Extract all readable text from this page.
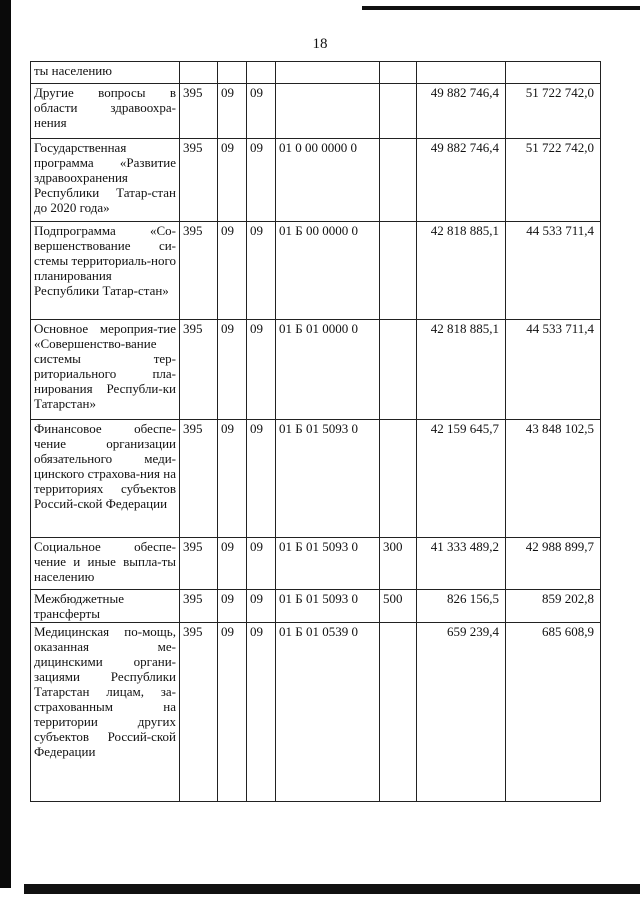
18
ты населению							
Другие вопросы в области здравоохра-нения	395	09	09			49 882 746,4	51 722 742,0
Государственная программа «Развитие здравоохранения Республики Татар-стан до 2020 года»	395	09	09	01 0 00 0000 0		49 882 746,4	51 722 742,0
Подпрограмма «Со-вершенствование си-стемы территориаль-ного планирования Республики Татар-стан»	395	09	09	01 Б 00 0000 0		42 818 885,1	44 533 711,4
Основное мероприя-тие «Совершенство-вание системы тер-риториального пла-нирования Республи-ки Татарстан»	395	09	09	01 Б 01 0000 0		42 818 885,1	44 533 711,4
Финансовое обеспе-чение организации обязательного меди-цинского страхова-ния на территориях субъектов Россий-ской Федерации	395	09	09	01 Б 01 5093 0		42 159 645,7	43 848 102,5
Социальное обеспе-чение и иные выпла-ты населению	395	09	09	01 Б 01 5093 0	300	41 333 489,2	42 988 899,7
Межбюджетные трансферты	395	09	09	01 Б 01 5093 0	500	826 156,5	859 202,8
Медицинская по-мощь, оказанная ме-дицинскими органи-зациями Республики Татарстан лицам, за-страхованным на территории других субъектов Россий-ской Федерации	395	09	09	01 Б 01 0539 0		659 239,4	685 608,9
